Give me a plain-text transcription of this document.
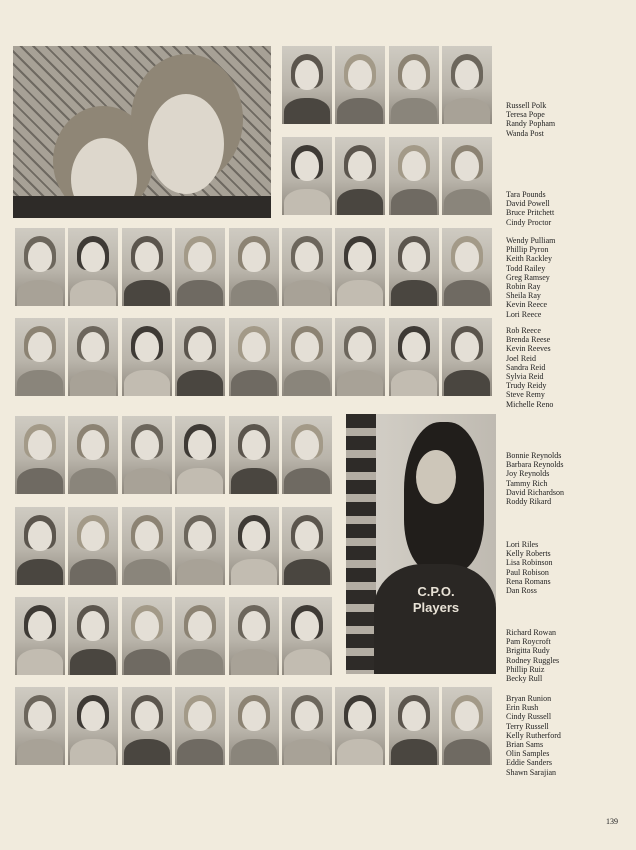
C.P.O. Players
Russell Polk
Teresa Pope
Randy Popham
Wanda Post
Tara Pounds
David Powell
Bruce Pritchett
Cindy Proctor
Wendy Pulliam
Phillip Pyron
Keith Rackley
Todd Railey
Greg Ramsey
Robin Ray
Sheila Ray
Kevin Reece
Lori Reece
Rob Reece
Brenda Reese
Kevin Reeves
Joel Reid
Sandra Reid
Sylvia Reid
Trudy Reidy
Steve Remy
Michelle Reno
Bonnie Reynolds
Barbara Reynolds
Joy Reynolds
Tammy Rich
David Richardson
Roddy Rikard
Lori Riles
Kelly Roberts
Lisa Robinson
Paul Robison
Rena Romans
Dan Ross
Richard Rowan
Pam Roycroft
Brigitta Rudy
Rodney Ruggles
Phillip Ruiz
Becky Rull
Bryan Runion
Erin Rush
Cindy Russell
Terry Russell
Kelly Rutherford
Brian Sams
Olin Samples
Eddie Sanders
Shawn Sarajian
139
